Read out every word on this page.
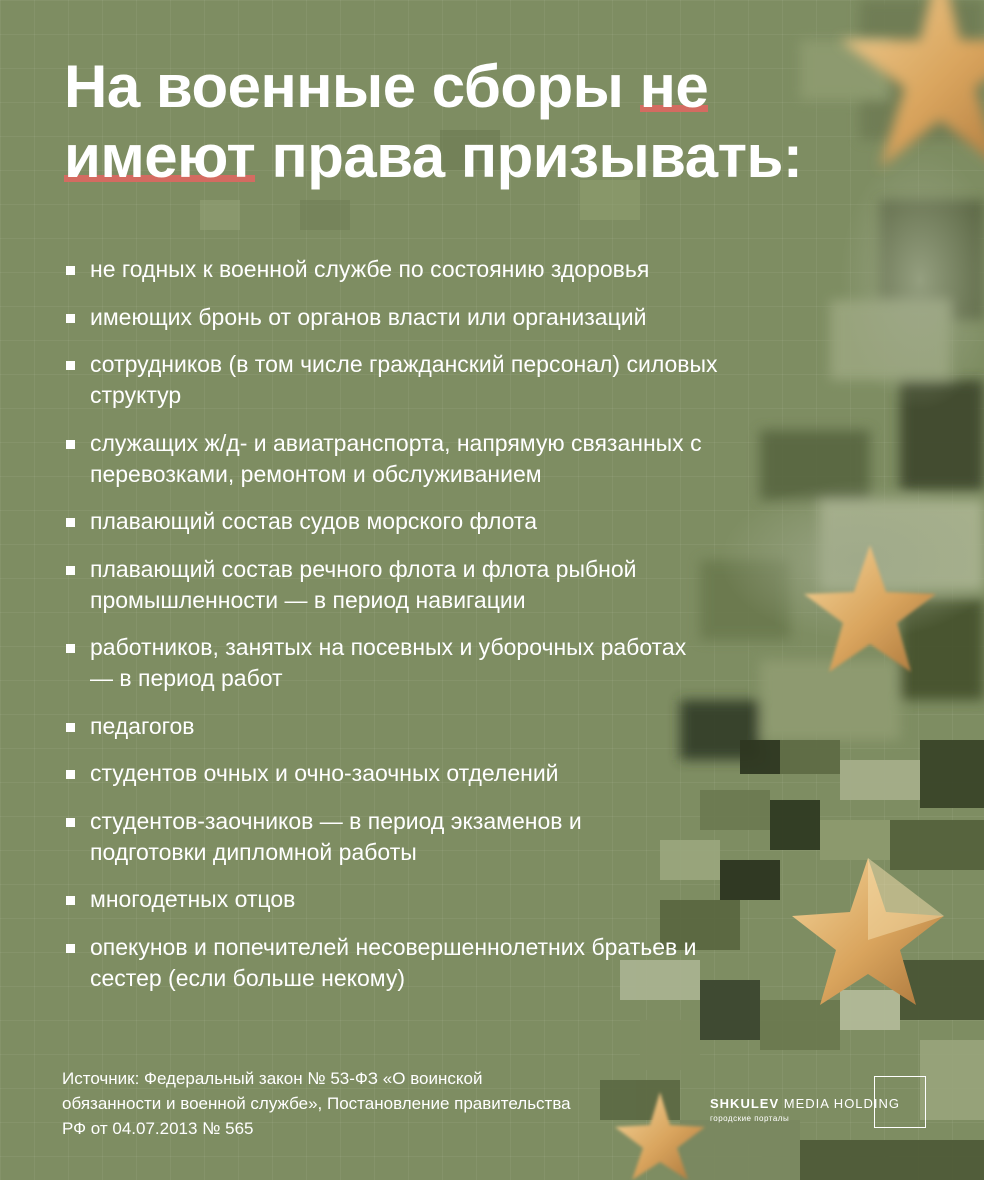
На военные сборы не
имеют права призывать:
не годных к военной службе по состоянию здоровья
имеющих бронь от органов власти или организаций
сотрудников (в том числе гражданский персонал) силовых структур
служащих ж/д- и авиатранспорта, напрямую связанных с перевозками, ремонтом и обслуживанием
плавающий состав судов морского флота
плавающий состав речного флота и флота рыбной промышленности — в период навигации
работников, занятых на посевных и уборочных работах — в период работ
педагогов
студентов очных и очно-заочных отделений
студентов-заочников — в период экзаменов и подготовки дипломной работы
многодетных отцов
опекунов и попечителей несовершеннолетних братьев и сестер (если больше некому)

Источник: Федеральный закон № 53-ФЗ «О воинской обязанности и военной службе», Постановление правительства РФ от 04.07.2013 № 565

SHKULEV MEDIA HOLDING
городские порталы
